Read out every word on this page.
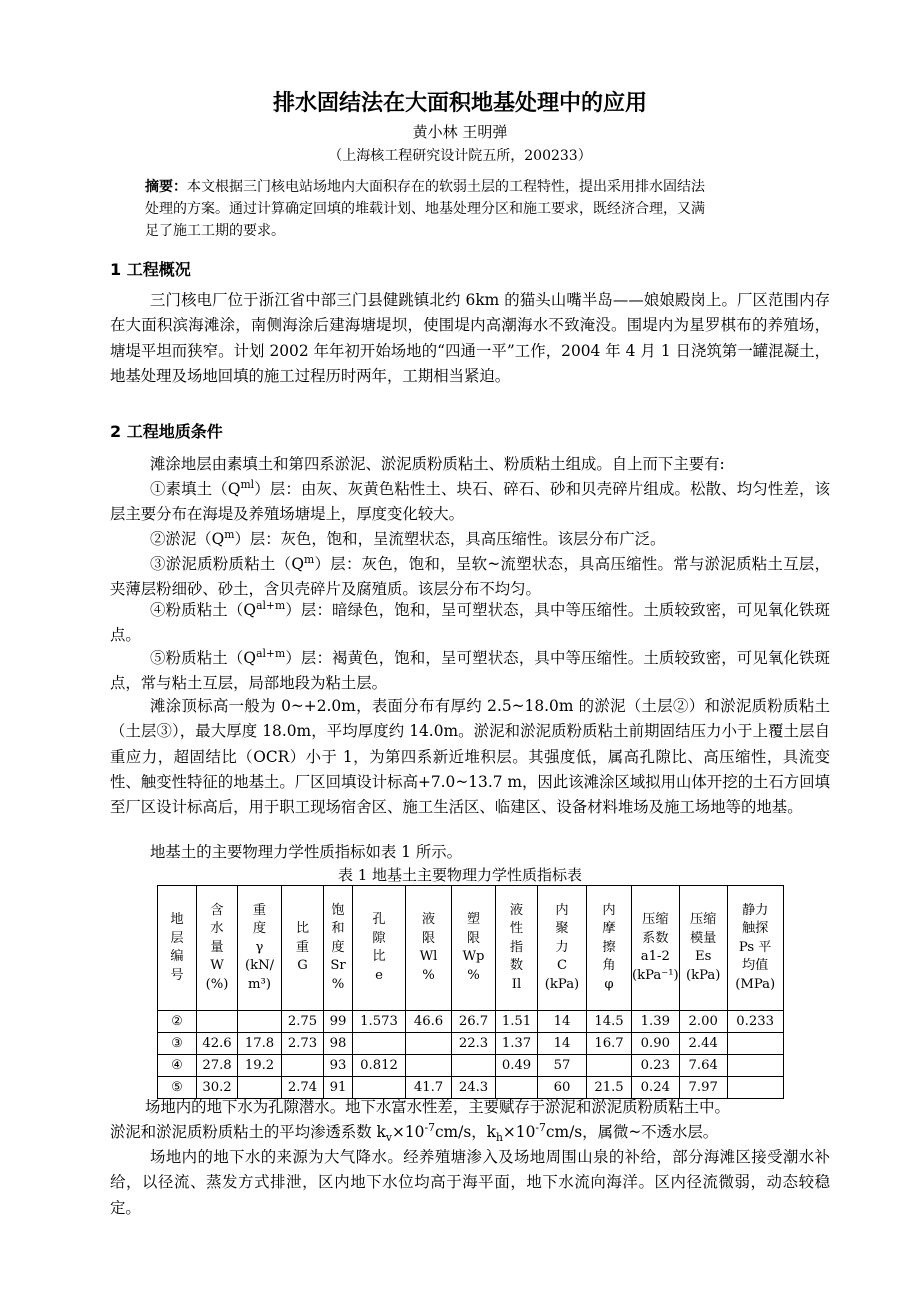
排水固结法在大面积地基处理中的应用
黄小林 王明弹
（上海核工程研究设计院五所，200233）
摘要：本文根据三门核电站场地内大面积存在的软弱土层的工程特性，提出采用排水固结法
处理的方案。通过计算确定回填的堆载计划、地基处理分区和施工要求，既经济合理，又满
足了施工工期的要求。
1 工程概况
三门核电厂位于浙江省中部三门县健跳镇北约 6km 的猫头山嘴半岛——娘娘殿岗上。厂区范围内存在大面积滨海滩涂，南侧海涂后建海塘堤坝，使围堤内高潮海水不致淹没。围堤内为星罗棋布的养殖场，塘堤平坦而狭窄。计划 2002 年年初开始场地的“四通一平”工作，2004 年 4 月 1 日浇筑第一罐混凝土，地基处理及场地回填的施工过程历时两年，工期相当紧迫。
2 工程地质条件
滩涂地层由素填土和第四系淤泥、淤泥质粉质粘土、粉质粘土组成。自上而下主要有:
①素填土$(Q^{ml})$层：由灰、灰黄色粘性土、块石、碎石、砂和贝壳碎片组成。松散、均匀性差，该层主要分布在海堤及养殖场塘堤上，厚度变化较大。
②淤泥$(Q^m)$层：灰色，饱和，呈流塑状态，具高压缩性。该层分布广泛。
③淤泥质粉质粘土$(Q^m)$层：灰色，饱和，呈软~流塑状态，具高压缩性。常与淤泥质粘土互层，夹薄层粉细砂、砂土，含贝壳碎片及腐殖质。该层分布不均匀。
④粉质粘土$(Q^{al+m})$层：暗绿色，饱和，呈可塑状态，具中等压缩性。土质较致密，可见氧化铁斑点。
⑤粉质粘土$(Q^{al+m})$层：褐黄色，饱和，呈可塑状态，具中等压缩性。土质较致密，可见氧化铁斑点，常与粘土互层，局部地段为粘土层。
滩涂顶标高一般为 0~+2.0m，表面分布有厚约 2.5~18.0m 的淤泥（土层②）和淤泥质粉质粘土（土层③），最大厚度 18.0m，平均厚度约 14.0m。淤泥和淤泥质粉质粘土前期固结压力小于上覆土层自重应力，超固结比（OCR）小于 1，为第四系新近堆积层。其强度低，属高孔隙比、高压缩性，具流变性、触变性特征的地基土。厂区回填设计标高+7.0~13.7 m，因此该滩涂区域拟用山体开挖的土石方回填至厂区设计标高后，用于职工现场宿舍区、施工生活区、临建区、设备材料堆场及施工场地等的地基。
地基土的主要物理力学性质指标如表 1 所示。
表 1 地基土主要物理力学性质指标表
地
层
编
号	含
水
量
W
(%)	重
度
γ
(kN/
m³)	比
重
G	饱
和
度
Sr
%	孔
隙
比
e	液
限
Wl
%	塑
限
Wp
%	液
性
指
数
Il	内
聚
力
C
(kPa)	内
摩
擦
角
φ	压缩
系数
a1-2
(kPa⁻¹)	压缩
模量
Es
(kPa)	静力
触探
Ps 平
均值
(MPa)
②			2.75	99	1.573	46.6	26.7	1.51	14	14.5	1.39	2.00	0.233
③	42.6	17.8	2.73	98			22.3	1.37	14	16.7	0.90	2.44	
④	27.8	19.2		93	0.812			0.49	57		0.23	7.64	
⑤	30.2		2.74	91		41.7	24.3		60	21.5	0.24	7.97	
场地内的地下水为孔隙潜水。地下水富水性差，主要赋存于淤泥和淤泥质粉质粘土中。
淤泥和淤泥质粉质粘土的平均渗透系数 $k_v\times 10^{-7}cm/s$，$k_h\times 10^{-7}cm/s$，属微~不透水层。
场地内的地下水的来源为大气降水。经养殖塘渗入及场地周围山泉的补给，部分海滩区接受潮水补给，以径流、蒸发方式排泄，区内地下水位均高于海平面，地下水流向海洋。区内径流微弱，动态较稳定。
